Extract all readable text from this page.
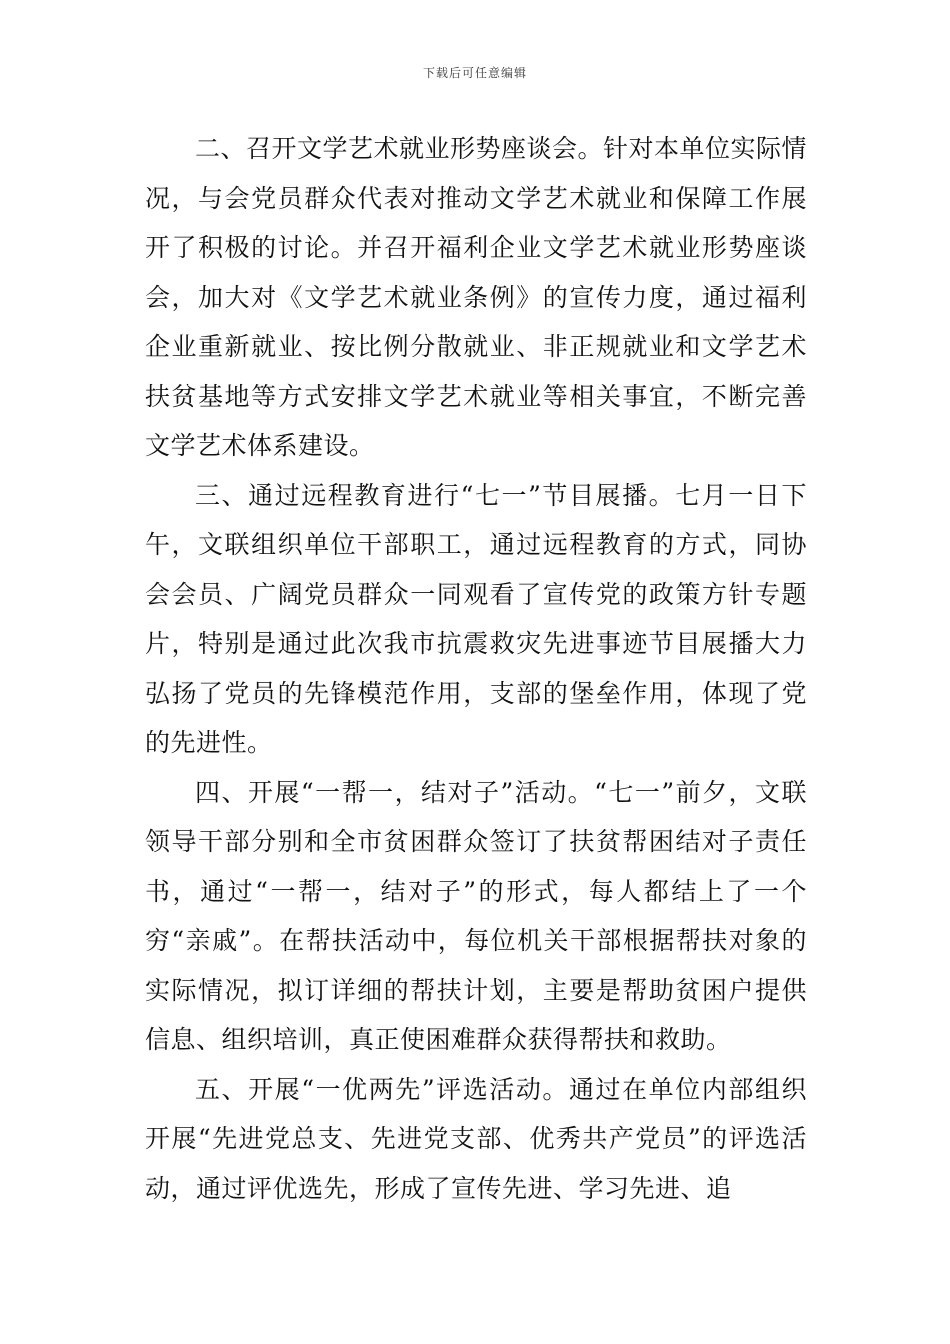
下载后可任意编辑

二、召开文学艺术就业形势座谈会。针对本单位实际情况，与会党员群众代表对推动文学艺术就业和保障工作展开了积极的讨论。并召开福利企业文学艺术就业形势座谈会，加大对《文学艺术就业条例》的宣传力度，通过福利企业重新就业、按比例分散就业、非正规就业和文学艺术扶贫基地等方式安排文学艺术就业等相关事宜，不断完善文学艺术体系建设。

三、通过远程教育进行“七一”节目展播。七月一日下午，文联组织单位干部职工，通过远程教育的方式，同协会会员、广阔党员群众一同观看了宣传党的政策方针专题片，特别是通过此次我市抗震救灾先进事迹节目展播大力弘扬了党员的先锋模范作用，支部的堡垒作用，体现了党的先进性。

四、开展“一帮一，结对子”活动。“七一”前夕，文联领导干部分别和全市贫困群众签订了扶贫帮困结对子责任书，通过“一帮一，结对子”的形式，每人都结上了一个穷“亲戚”。在帮扶活动中，每位机关干部根据帮扶对象的实际情况，拟订详细的帮扶计划，主要是帮助贫困户提供信息、组织培训，真正使困难群众获得帮扶和救助。

五、开展“一优两先”评选活动。通过在单位内部组织开展“先进党总支、先进党支部、优秀共产党员”的评选活动，通过评优选先，形成了宣传先进、学习先进、追
